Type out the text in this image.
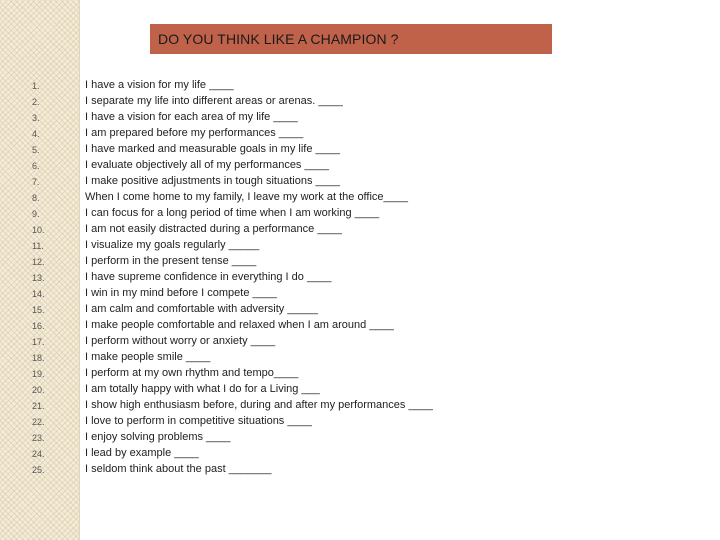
DO YOU THINK LIKE A CHAMPION ?
1.	I have a vision for my life ____
2.	I separate my life into different areas or arenas. ____
3.	I have a vision for each area of my life ____
4.	I am prepared before my performances ____
5.	I have marked and measurable goals in my life ____
6.	I evaluate objectively all of my performances ____
7.	I make positive adjustments in tough situations ____
8.	When I come home to my family, I leave my work at the office____
9.	I can focus for a long period of time when I am working ____
10.	I am not easily distracted during a performance ____
11.	I visualize my goals regularly _____
12.	I perform in the present tense ____
13.	I have supreme confidence in everything I do ____
14.	I win in my mind before I compete ____
15.	I am calm and comfortable with adversity _____
16.	I make people comfortable and relaxed when I am around ____
17.	I perform without worry or anxiety ____
18.	I make people smile ____
19.	I perform at my own rhythm and tempo____
20.	I am totally happy with what I do for a Living ___
21.	I show high enthusiasm before, during and after my performances ____
22.	I love to perform in competitive situations ____
23.	I enjoy solving problems ____
24.	I lead by example ____
25.	I seldom think about the past _______
